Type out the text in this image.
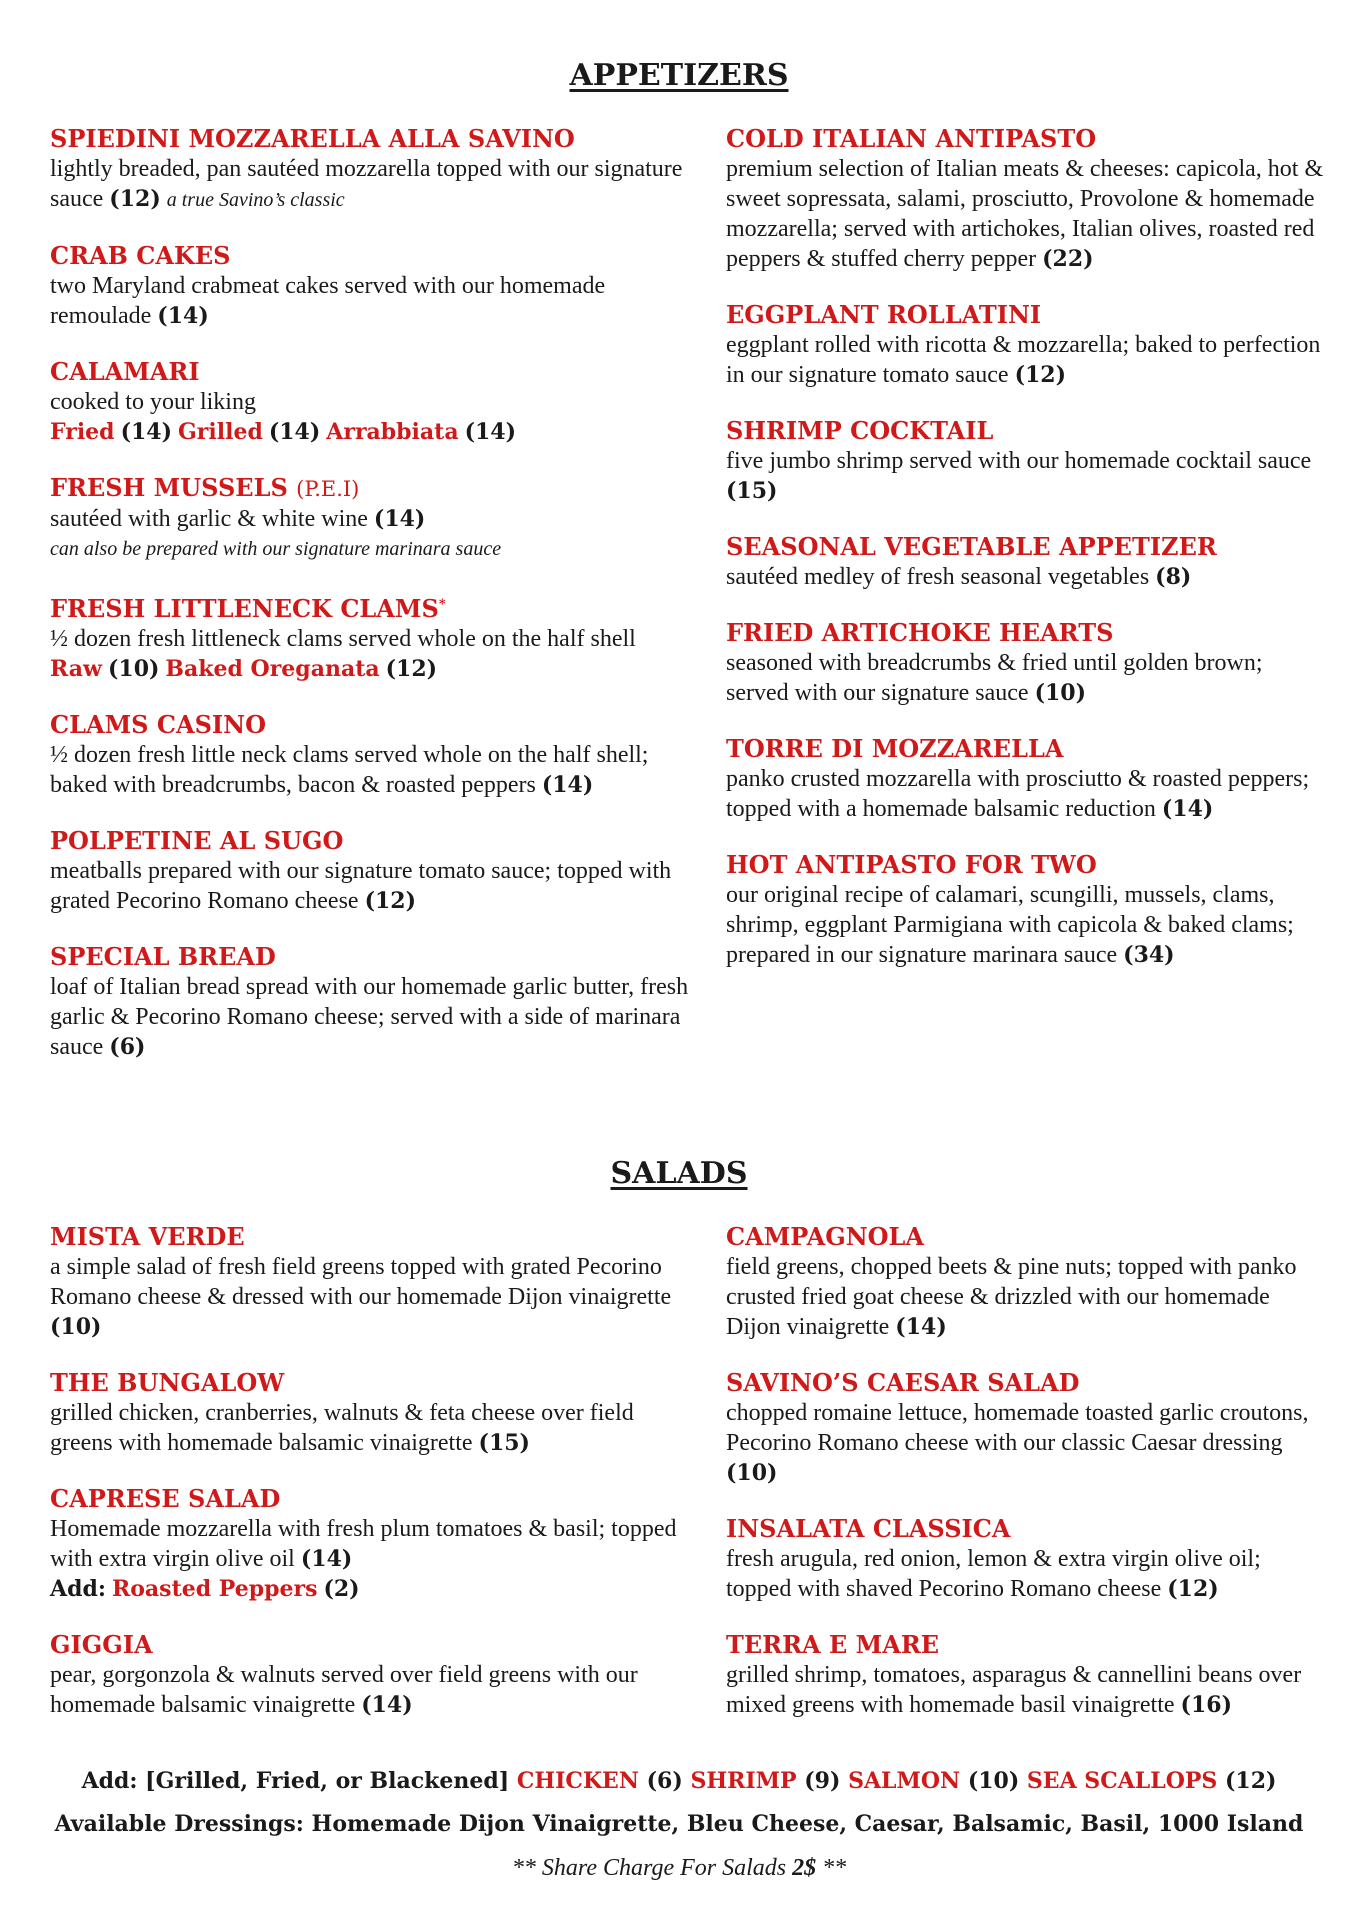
APPETIZERS
SPIEDINI MOZZARELLA ALLA SAVINO
lightly breaded, pan sautéed mozzarella topped with our signature sauce (12) a true Savino’s classic
CRAB CAKES
two Maryland crabmeat cakes served with our homemade remoulade (14)
CALAMARI
cooked to your liking
Fried (14) Grilled (14) Arrabbiata (14)
FRESH MUSSELS (P.E.I)
sautéed with garlic & white wine (14)
can also be prepared with our signature marinara sauce
FRESH LITTLENECK CLAMS*
½ dozen fresh littleneck clams served whole on the half shell  Raw (10) Baked Oreganata (12)
CLAMS CASINO
½ dozen fresh little neck clams served whole on the half shell; baked with breadcrumbs, bacon & roasted peppers (14)
POLPETINE AL SUGO
meatballs prepared with our signature tomato sauce; topped with grated Pecorino Romano cheese (12)
SPECIAL BREAD
loaf of Italian bread spread with our homemade garlic butter, fresh garlic & Pecorino Romano cheese; served with a side of marinara sauce (6)
COLD ITALIAN ANTIPASTO
premium selection of Italian meats & cheeses: capicola, hot & sweet sopressata, salami, prosciutto, Provolone & homemade mozzarella; served with artichokes, Italian olives, roasted red peppers & stuffed cherry pepper (22)
EGGPLANT ROLLATINI
eggplant rolled with ricotta & mozzarella; baked to perfection in our signature tomato sauce (12)
SHRIMP COCKTAIL
five jumbo shrimp served with our homemade cocktail sauce (15)
SEASONAL VEGETABLE APPETIZER
sautéed medley of fresh seasonal vegetables (8)
FRIED ARTICHOKE HEARTS
seasoned with breadcrumbs & fried until golden brown; served with our signature sauce (10)
TORRE DI MOZZARELLA
panko crusted mozzarella with prosciutto & roasted peppers; topped with a homemade balsamic reduction (14)
HOT ANTIPASTO FOR TWO
our original recipe of calamari, scungilli, mussels, clams, shrimp, eggplant Parmigiana with capicola & baked clams; prepared in our signature marinara sauce (34)
SALADS
MISTA VERDE
a simple salad of fresh field greens topped with grated Pecorino Romano cheese & dressed with our homemade Dijon vinaigrette (10)
THE BUNGALOW
grilled chicken, cranberries, walnuts & feta cheese over field greens with homemade balsamic vinaigrette (15)
CAPRESE SALAD
Homemade mozzarella with fresh plum tomatoes & basil; topped with extra virgin olive oil (14)
Add: Roasted Peppers (2)
GIGGIA
pear, gorgonzola & walnuts served over field greens with our homemade balsamic vinaigrette (14)
CAMPAGNOLA
field greens, chopped beets & pine nuts; topped with panko crusted fried goat cheese & drizzled with our homemade Dijon vinaigrette (14)
SAVINO’S CAESAR SALAD
chopped romaine lettuce, homemade toasted garlic croutons, Pecorino Romano cheese with our classic Caesar dressing (10)
INSALATA CLASSICA
fresh arugula, red onion, lemon & extra virgin olive oil; topped with shaved Pecorino Romano cheese (12)
TERRA E MARE
grilled shrimp, tomatoes, asparagus & cannellini beans over mixed greens with homemade basil vinaigrette (16)
Add: [Grilled, Fried, or Blackened] CHICKEN (6) SHRIMP (9) SALMON (10) SEA SCALLOPS (12)
Available Dressings: Homemade Dijon Vinaigrette, Bleu Cheese, Caesar, Balsamic, Basil, 1000 Island
** Share Charge For Salads 2$ **
